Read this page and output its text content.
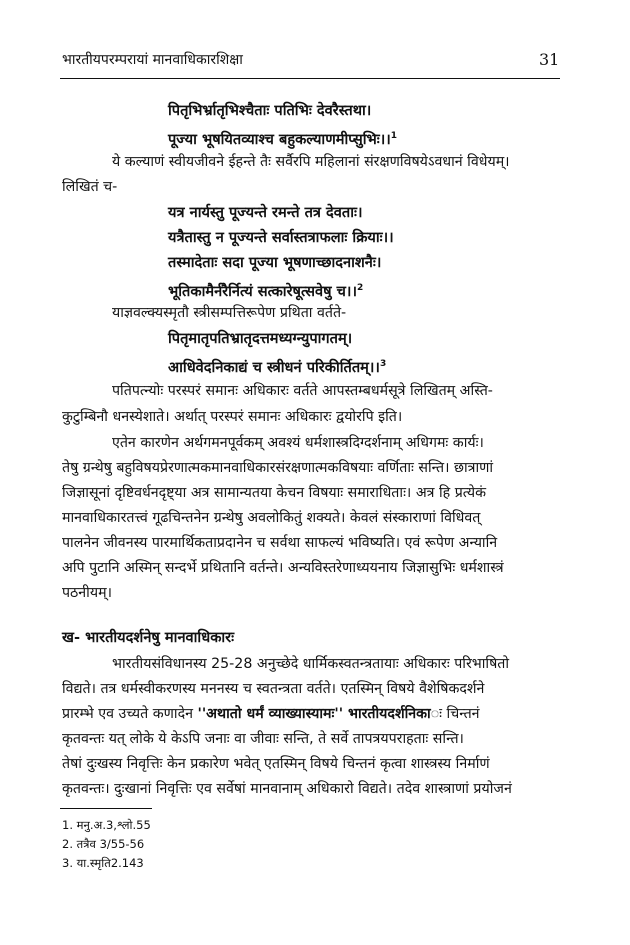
भारतीयपरम्परायां मानवाधिकारशिक्षा	31
पितृभिर्भ्रातृभिश्चैताः पतिभिः देवरैस्तथा।
पूज्या भूषयितव्याश्च बहुकल्याणमीप्सुभिः।।$^1$
ये कल्याणं स्वीयजीवने ईहन्ते तैः सर्वैरपि महिलानां संरक्षणविषयेऽवधानं विधेयम्।
लिखितं च-
यत्र नार्यस्तु पूज्यन्ते रमन्ते तत्र देवताः।
यत्रैतास्तु न पूज्यन्ते सर्वास्तत्राफलाः क्रियाः।।
तस्मादेताः सदा पूज्या भूषणाच्छादनाशनैः।
भूतिकामैर्नरैर्नित्यं सत्कारेषूत्सवेषु च।।$^2$
याज्ञवल्क्यस्मृतौ स्त्रीसम्पत्तिरूपेण प्रथिता वर्तते-
पितृमातृपतिभ्रातृदत्तमध्यग्न्युपागतम्।
आधिवेदनिकाद्यं च स्त्रीधनं परिकीर्तितम्।।$^3$
पतिपत्न्योः परस्परं समानः अधिकारः वर्तते आपस्तम्बधर्मसूत्रे लिखितम् अस्ति-
कुटुम्बिनौ धनस्येशाते। अर्थात् परस्परं समानः अधिकारः द्वयोरपि इति।
एतेन कारणेन अर्थगमनपूर्वकम् अवश्यं धर्मशास्त्रदिग्दर्शनाम् अधिगमः कार्यः।
तेषु ग्रन्थेषु बहुविषयप्रेरणात्मकमानवाधिकारसंरक्षणात्मकविषयाः वर्णिताः सन्ति। छात्राणां
जिज्ञासूनां दृष्टिवर्धनदृष्ट्या अत्र सामान्यतया केचन विषयाः समाराधिताः। अत्र हि प्रत्येकं
मानवाधिकारतत्त्वं गूढचिन्तनेन ग्रन्थेषु अवलोकितुं शक्यते। केवलं संस्काराणां विधिवत्
पालनेन जीवनस्य पारमार्थिकताप्रदानेन च सर्वथा साफल्यं भविष्यति। एवं रूपेण अन्यानि
अपि पुटानि अस्मिन् सन्दर्भे प्रथितानि वर्तन्ते। अन्यविस्तरेणाध्ययनाय जिज्ञासुभिः धर्मशास्त्रं
पठनीयम्।
ख- भारतीयदर्शनेषु मानवाधिकारः
भारतीयसंविधानस्य 25-28 अनुच्छेदे धार्मिकस्वतन्त्रतायाः अधिकारः परिभाषितो
विद्यते। तत्र धर्मस्वीकरणस्य मननस्य च स्वतन्त्रता वर्तते। एतस्मिन् विषये वैशेषिकदर्शने
प्रारम्भे एव उच्यते कणादेन ''अथातो धर्मं व्याख्यास्यामः'' भारतीयदर्शनिकाः चिन्तनं
कृतवन्तः यत् लोके ये केऽपि जनाः वा जीवाः सन्ति, ते सर्वे तापत्रयपराहताः सन्ति।
तेषां दुःखस्य निवृत्तिः केन प्रकारेण भवेत् एतस्मिन् विषये चिन्तनं कृत्वा शास्त्रस्य निर्माणं
कृतवन्तः। दुःखानां निवृत्तिः एव सर्वेषां मानवानाम् अधिकारो विद्यते। तदेव शास्त्राणां प्रयोजनं
1. मनु.अ.3,श्लो.55
2. तत्रैव 3/55-56
3. या.स्मृति2.143
